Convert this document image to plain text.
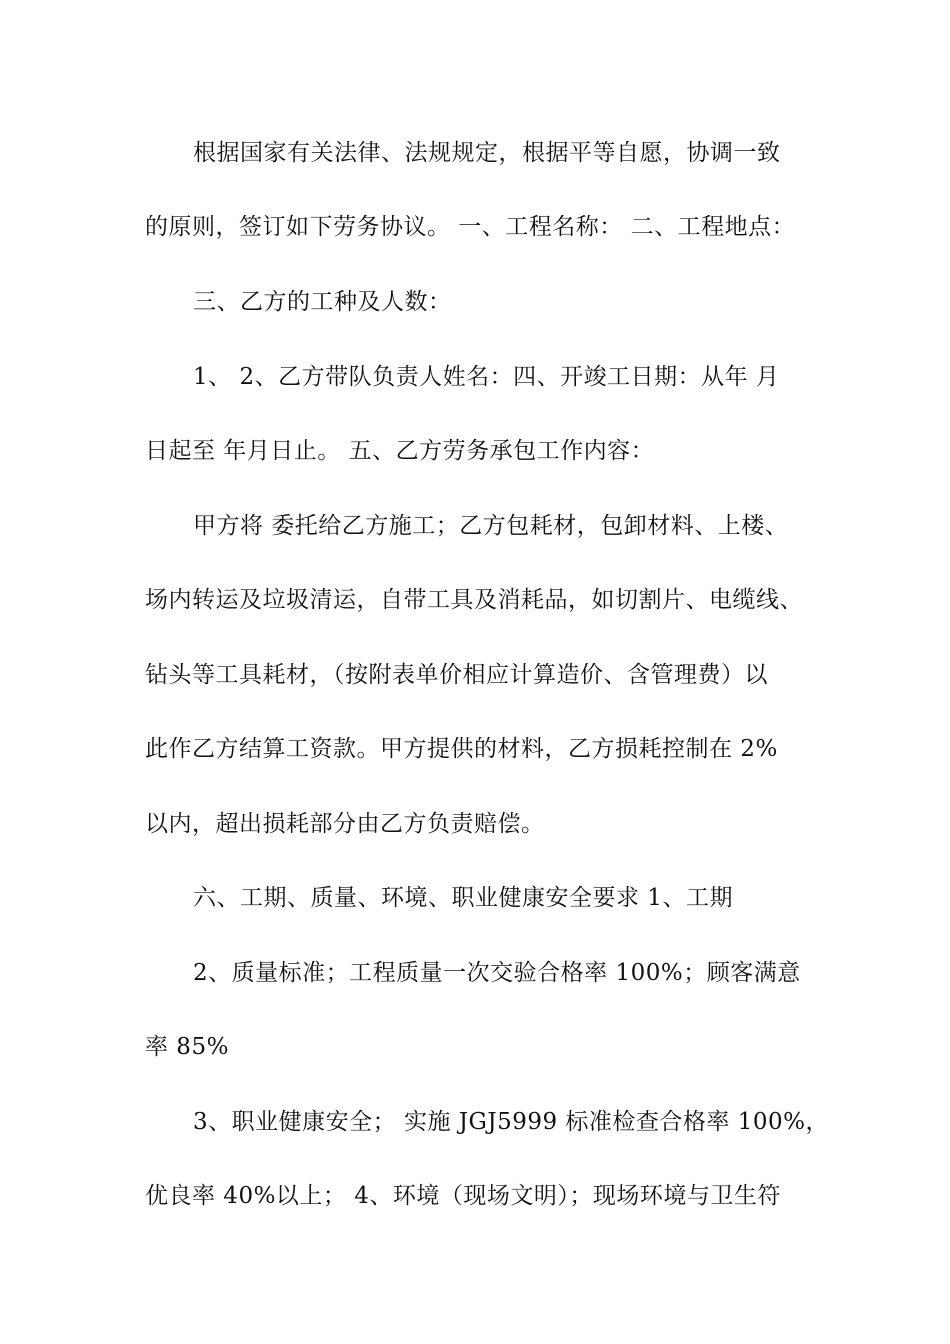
根据国家有关法律、法规规定，根据平等自愿，协调一致
的原则，签订如下劳务协议。 一、工程名称： 二、工程地点：
三、乙方的工种及人数：
1、 2、乙方带队负责人姓名：四、开竣工日期：从年 月
日起至 年月日止。 五、乙方劳务承包工作内容：
甲方将 委托给乙方施工；乙方包耗材，包卸材料、上楼、
场内转运及垃圾清运，自带工具及消耗品，如切割片、电缆线、
钻头等工具耗材，（按附表单价相应计算造价、含管理费）以
此作乙方结算工资款。甲方提供的材料，乙方损耗控制在 2%
以内，超出损耗部分由乙方负责赔偿。
六、工期、质量、环境、职业健康安全要求 1、工期
2、质量标准；工程质量一次交验合格率 100%；顾客满意
率 85%
3、职业健康安全； 实施 JGJ5999 标准检查合格率 100%，
优良率 40%以上； 4、环境（现场文明）；现场环境与卫生符
